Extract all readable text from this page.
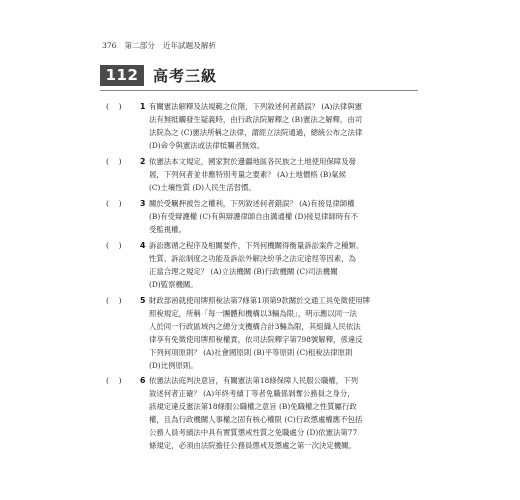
376 第二部分 近年試題及解析
112 高考三級
(    )	1 有關憲法解釋及法規範之位階，下列敘述何者錯誤？ (A)法律與憲
法有無牴觸發生疑義時，由行政法院解釋之 (B)憲法之解釋，由司
法院為之 (C)憲法所稱之法律，謂經立法院通過，總統公布之法律
(D)命令與憲法或法律牴觸者無效。
(    )	2 依憲法本文規定，國家對於邊疆地區各民族之土地使用保障及發
展，下列何者並非應特別考量之要素？ (A)土地價格 (B)氣候
(C)土壤性質 (D)人民生活習慣。
(    )	3 關於受羈押被告之權利，下列敘述何者錯誤？ (A)有接見律師權
(B)有受辯護權 (C)有與辯護律師自由溝通權 (D)接見律師時有不
受監視權。
(    )	4 訴訟應循之程序及相關要件，下列何機關得衡量訴訟案件之種類、
性質、訴訟制度之功能及訴訟外解決紛爭之法定途徑等因素，為
正當合理之規定？ (A)立法機關 (B)行政機關 (C)司法機關
(D)監察機關。
(    )	5 財政部函就使用牌照稅法第7條第1項第9款關於交通工具免徵使用牌
照稅規定，所稱「每一團體和機構以3輛為限」，明示應以同一法
人於同一行政區域內之總分支機構合計3輛為限，其組織人民依法
律享有免徵使用牌照稅權責，依司法院釋字第798號解釋，係違反
下列何項原則？ (A)社會國原則 (B)平等原則 (C)租稅法律原則
(D)比例原則。
(    )	6 依憲法法庭判決意旨，有關憲法第18條保障人民服公職權，下列
敘述何者正確？ (A)年終考績丁等者免職係剝奪公務員之身分，
該規定違反憲法第18條服公職權之意旨 (B)免職權之性質屬行政
權，且為行政機關人事權之固有核心權限 (C)行政懲處權應不包括
公務人員考績法中具有實質懲戒性質之免職處分 (D)依憲法第77
條規定，必須由法院擔任公務員懲戒及懲處之第一次決定機關。
